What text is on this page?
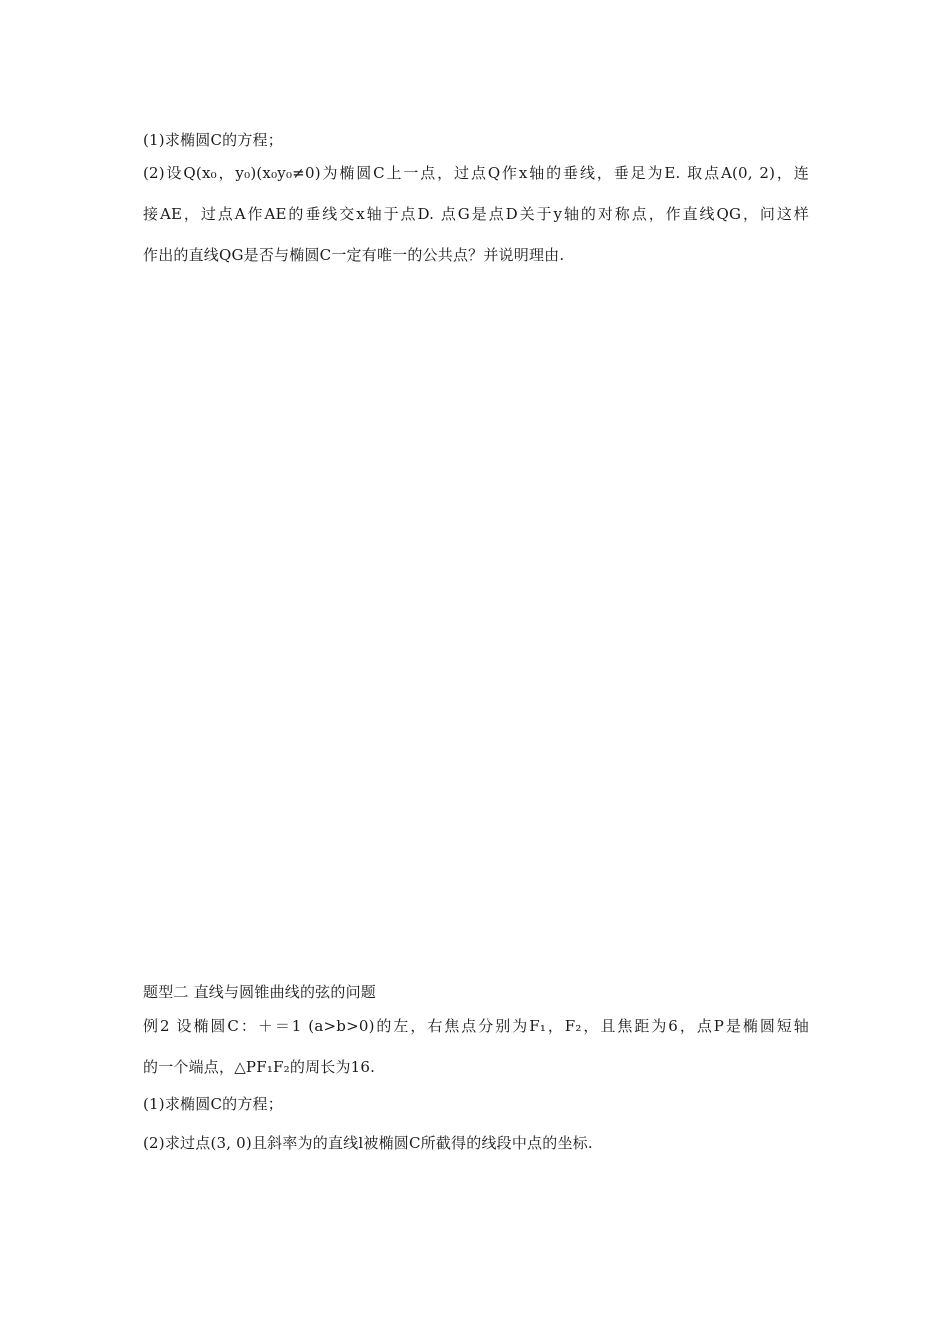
(1)求椭圆C的方程；
(2)设Q(x₀，y₀)(x₀y₀≠0)为椭圆C上一点，过点Q作x轴的垂线，垂足为E. 取点A(0, 2)，连
接AE，过点A作AE的垂线交x轴于点D. 点G是点D关于y轴的对称点，作直线QG，问这样
作出的直线QG是否与椭圆C一定有唯一的公共点？并说明理由.
题型二 直线与圆锥曲线的弦的问题
例2 设椭圆C：＋＝1 (a>b>0)的左，右焦点分别为F₁，F₂，且焦距为6，点P是椭圆短轴
的一个端点，△PF₁F₂的周长为16.
(1)求椭圆C的方程；
(2)求过点(3, 0)且斜率为的直线l被椭圆C所截得的线段中点的坐标.
